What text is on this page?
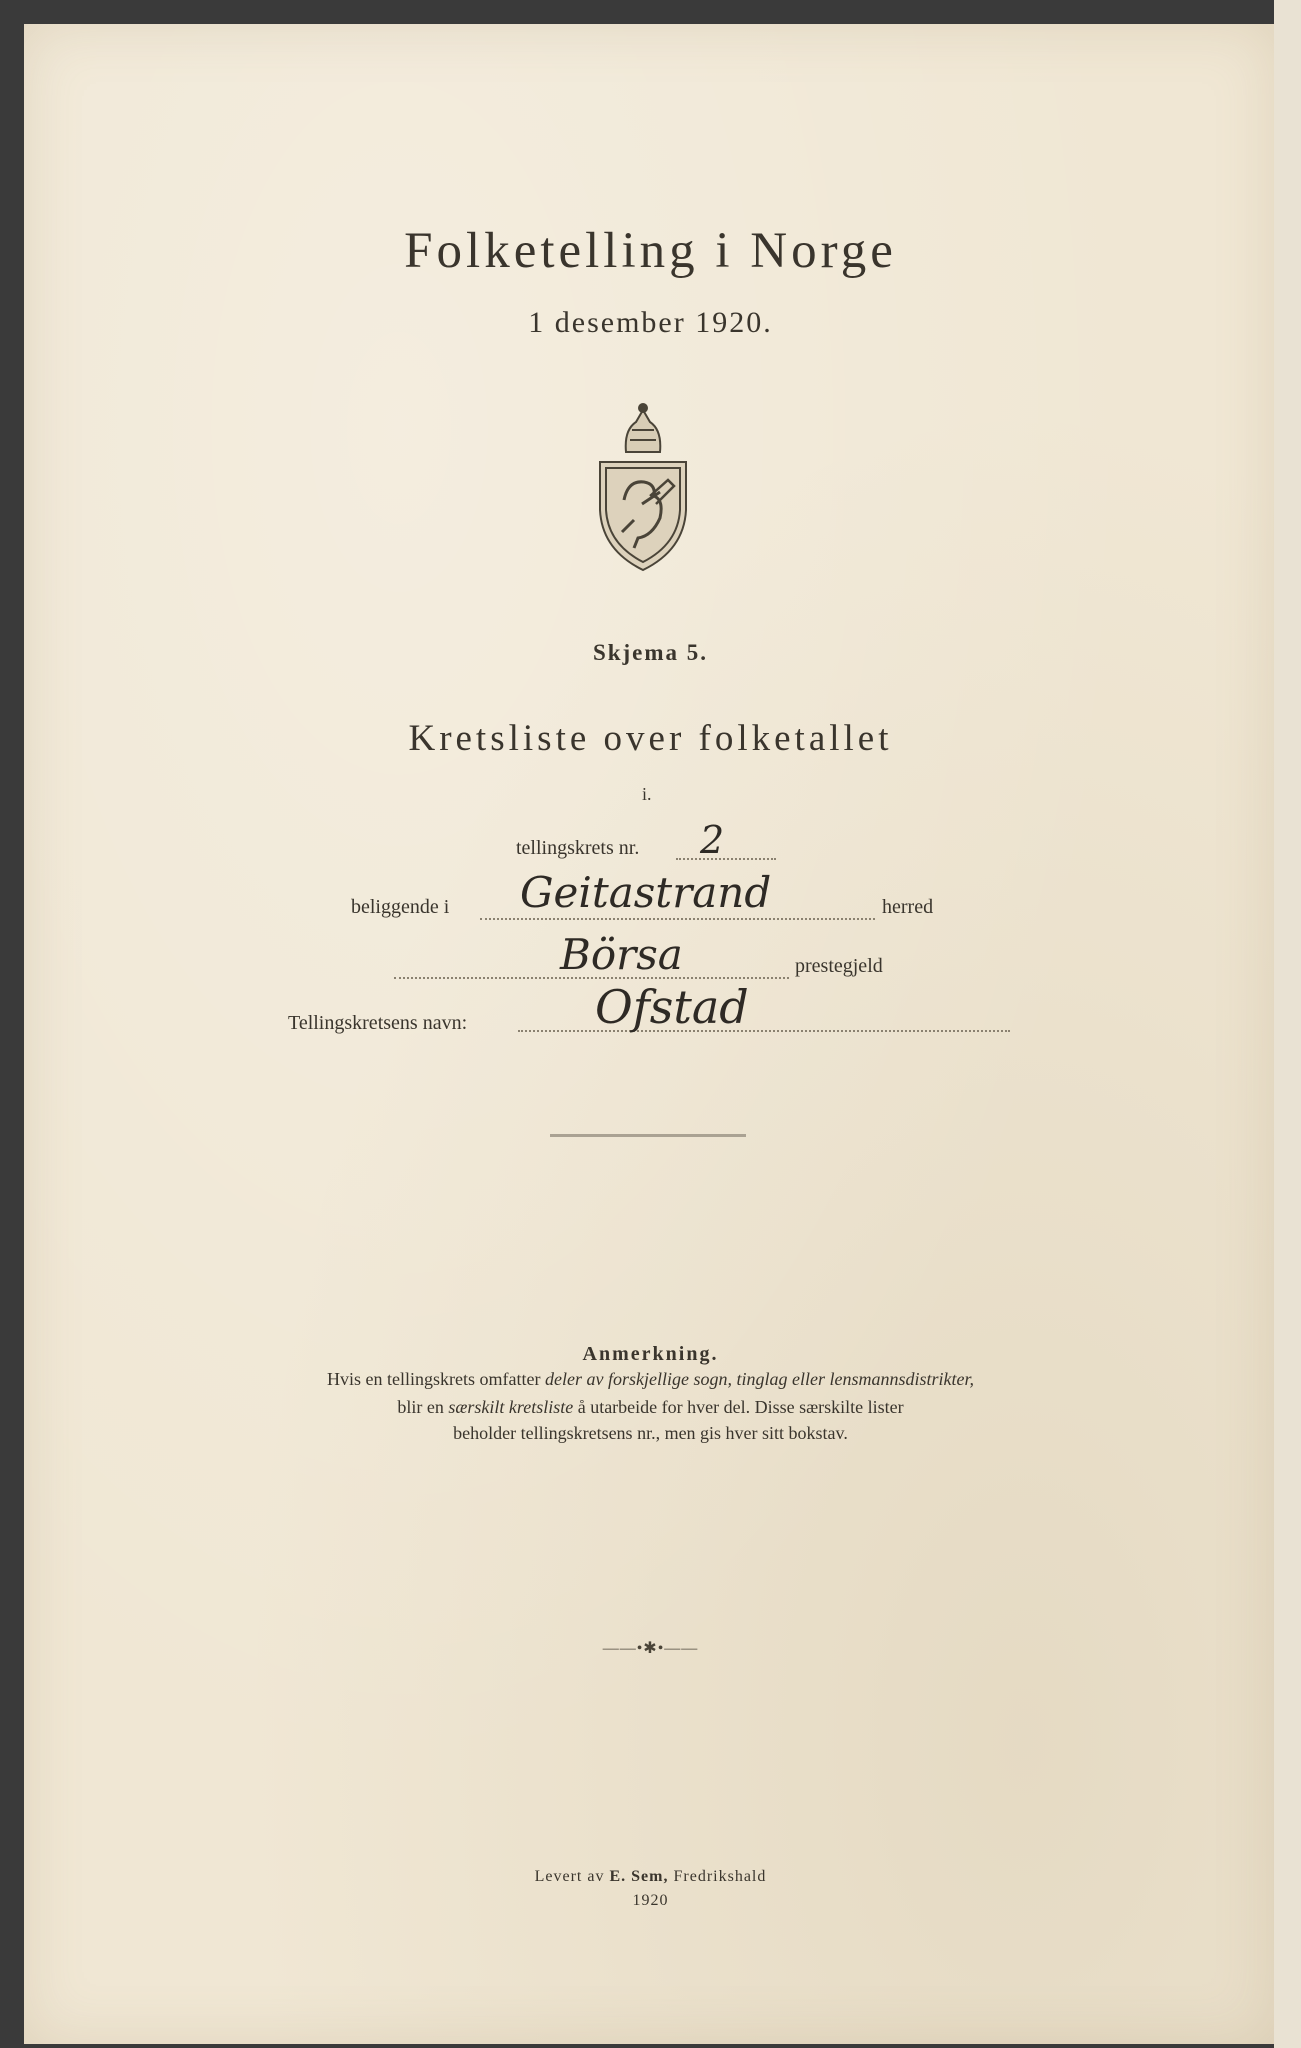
Folketelling i Norge
1 desember 1920.
Skjema 5.
Kretsliste over folketallet
i.
tellingskrets nr. 2
beliggende i Geitastrand	herred
Börsa	prestegjeld
Tellingskretsens navn:	Ofstad
Anmerkning.
Hvis en tellingskrets omfatter deler av forskjellige sogn, tinglag eller lensmannsdistrikter,
blir en særskilt kretsliste å utarbeide for hver del. Disse særskilte lister
beholder tellingskretsens nr., men gis hver sitt bokstav.
——•✱•——
Levert av E. Sem, Fredrikshald
1920
